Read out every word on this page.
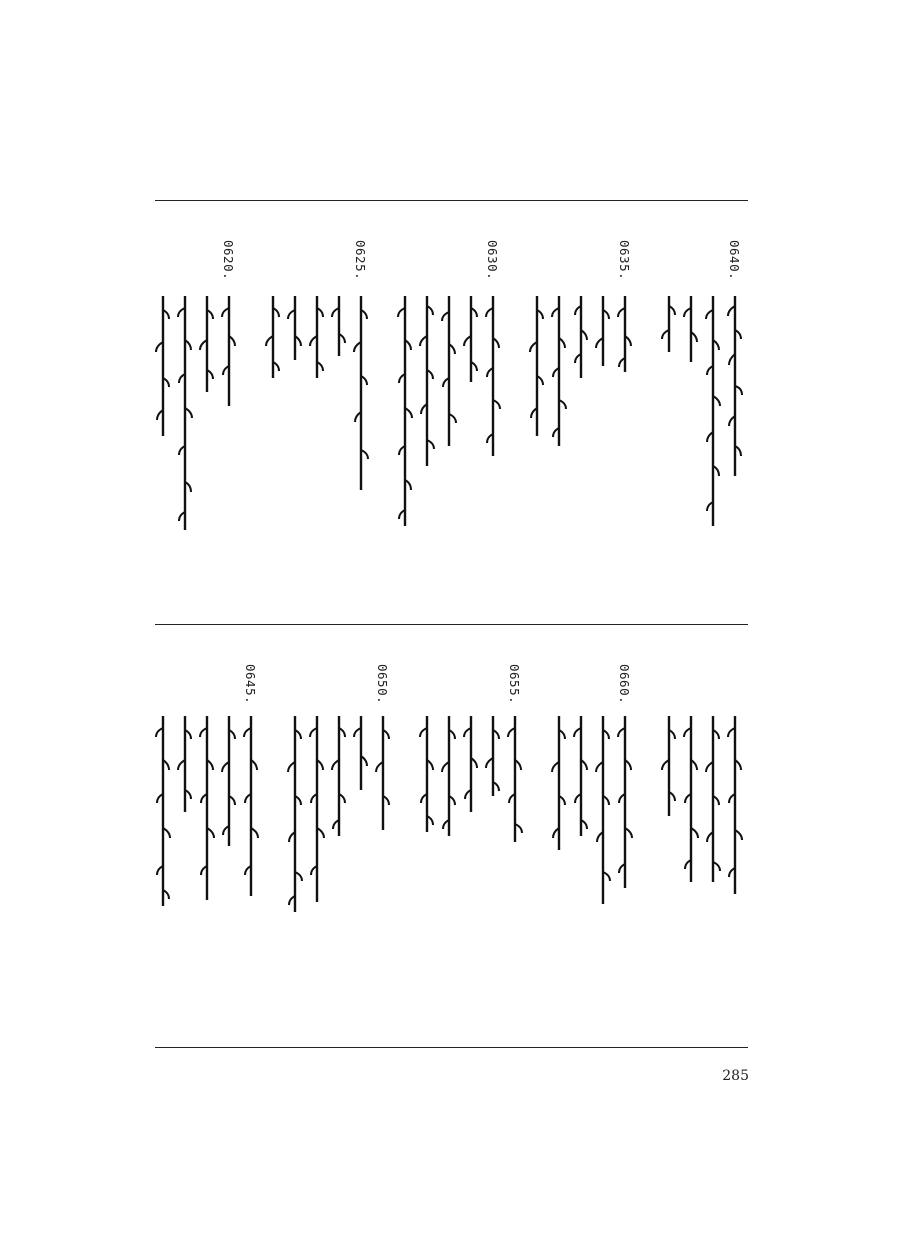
0640.
0635.
0630.
0625.
0620.
0660.
0655.
0650.
0645.
285
